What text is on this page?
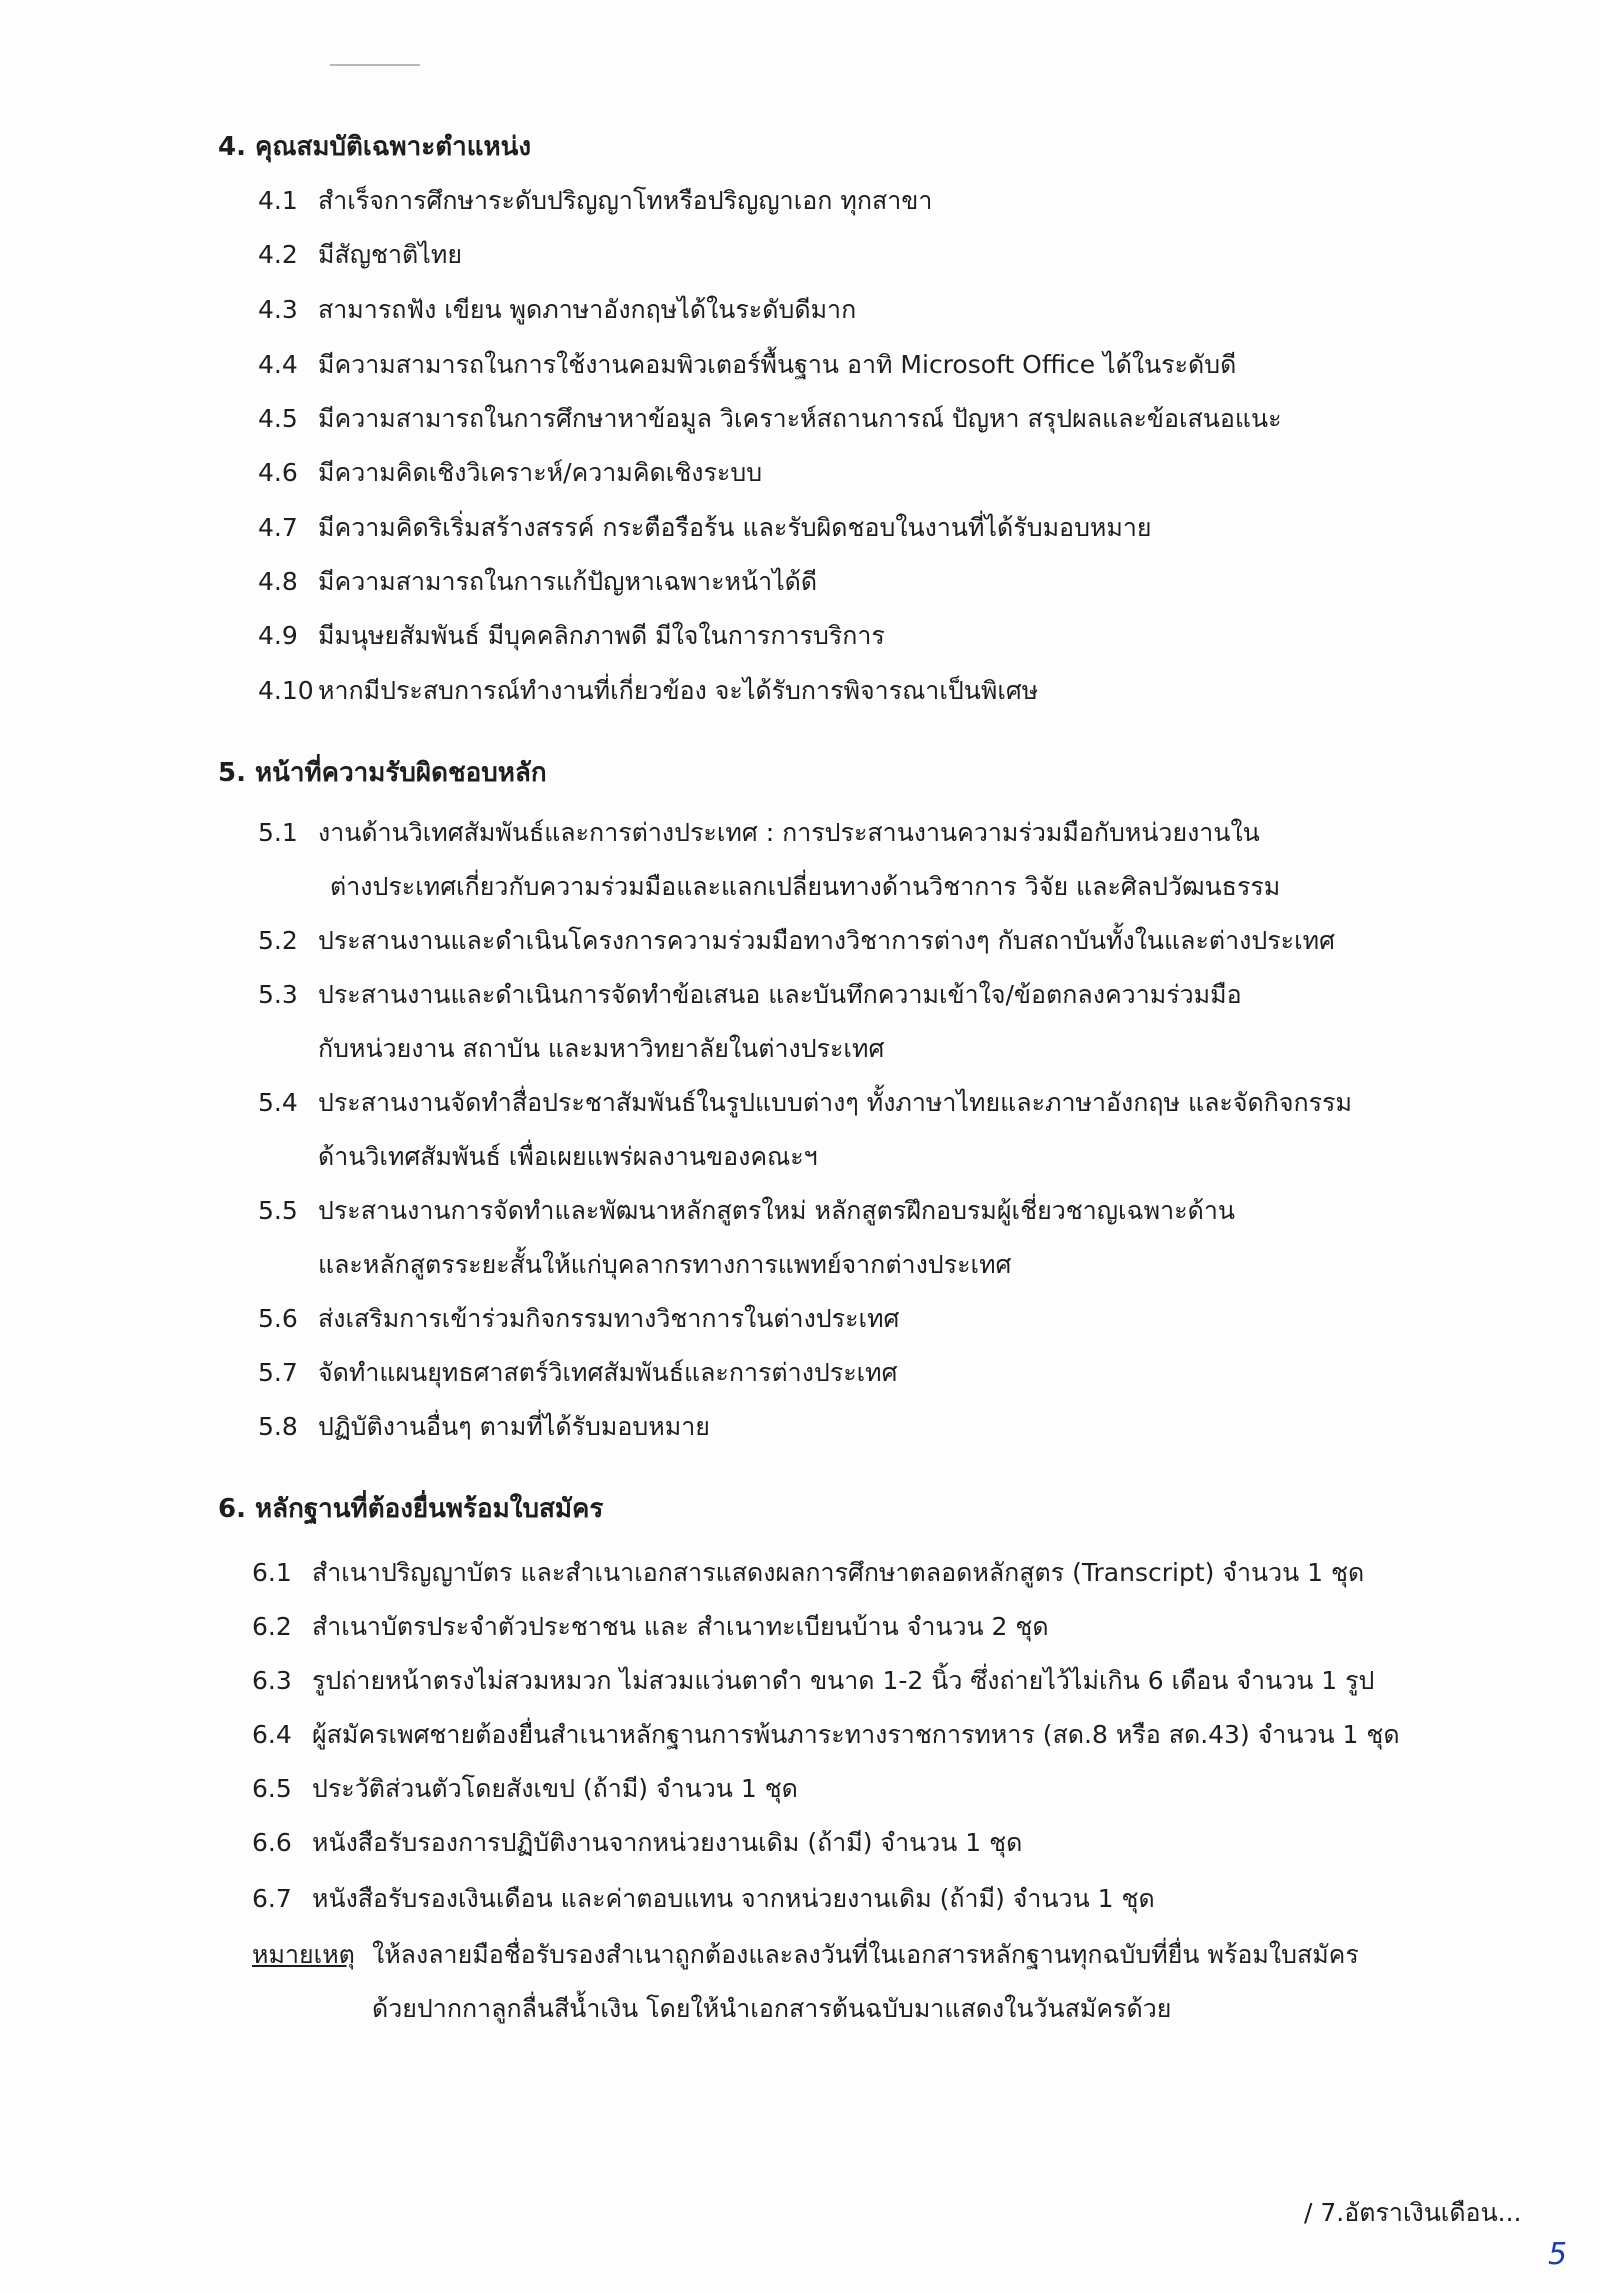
4. คุณสมบัติเฉพาะตำแหน่ง
4.1 สำเร็จการศึกษาระดับปริญญาโทหรือปริญญาเอก ทุกสาขา
4.2 มีสัญชาติไทย
4.3 สามารถฟัง เขียน พูดภาษาอังกฤษได้ในระดับดีมาก
4.4 มีความสามารถในการใช้งานคอมพิวเตอร์พื้นฐาน อาทิ Microsoft Office ได้ในระดับดี
4.5 มีความสามารถในการศึกษาหาข้อมูล วิเคราะห์สถานการณ์ ปัญหา สรุปผลและข้อเสนอแนะ
4.6 มีความคิดเชิงวิเคราะห์/ความคิดเชิงระบบ
4.7 มีความคิดริเริ่มสร้างสรรค์ กระตือรือร้น และรับผิดชอบในงานที่ได้รับมอบหมาย
4.8 มีความสามารถในการแก้ปัญหาเฉพาะหน้าได้ดี
4.9 มีมนุษยสัมพันธ์ มีบุคคลิกภาพดี มีใจในการการบริการ
4.10 หากมีประสบการณ์ทำงานที่เกี่ยวข้อง จะได้รับการพิจารณาเป็นพิเศษ
5. หน้าที่ความรับผิดชอบหลัก
5.1 งานด้านวิเทศสัมพันธ์และการต่างประเทศ : การประสานงานความร่วมมือกับหน่วยงานใน
ต่างประเทศเกี่ยวกับความร่วมมือและแลกเปลี่ยนทางด้านวิชาการ วิจัย และศิลปวัฒนธรรม
5.2 ประสานงานและดำเนินโครงการความร่วมมือทางวิชาการต่างๆ กับสถาบันทั้งในและต่างประเทศ
5.3 ประสานงานและดำเนินการจัดทำข้อเสนอ และบันทึกความเข้าใจ/ข้อตกลงความร่วมมือ
กับหน่วยงาน สถาบัน และมหาวิทยาลัยในต่างประเทศ
5.4 ประสานงานจัดทำสื่อประชาสัมพันธ์ในรูปแบบต่างๆ ทั้งภาษาไทยและภาษาอังกฤษ และจัดกิจกรรม
ด้านวิเทศสัมพันธ์ เพื่อเผยแพร่ผลงานของคณะฯ
5.5 ประสานงานการจัดทำและพัฒนาหลักสูตรใหม่ หลักสูตรฝึกอบรมผู้เชี่ยวชาญเฉพาะด้าน
และหลักสูตรระยะสั้นให้แก่บุคลากรทางการแพทย์จากต่างประเทศ
5.6 ส่งเสริมการเข้าร่วมกิจกรรมทางวิชาการในต่างประเทศ
5.7 จัดทำแผนยุทธศาสตร์วิเทศสัมพันธ์และการต่างประเทศ
5.8 ปฏิบัติงานอื่นๆ ตามที่ได้รับมอบหมาย
6. หลักฐานที่ต้องยื่นพร้อมใบสมัคร
6.1 สำเนาปริญญาบัตร และสำเนาเอกสารแสดงผลการศึกษาตลอดหลักสูตร (Transcript) จำนวน 1 ชุด
6.2 สำเนาบัตรประจำตัวประชาชน และ สำเนาทะเบียนบ้าน จำนวน 2 ชุด
6.3 รูปถ่ายหน้าตรงไม่สวมหมวก ไม่สวมแว่นตาดำ ขนาด 1-2 นิ้ว ซึ่งถ่ายไว้ไม่เกิน 6 เดือน จำนวน 1 รูป
6.4 ผู้สมัครเพศชายต้องยื่นสำเนาหลักฐานการพ้นภาระทางราชการทหาร (สด.8 หรือ สด.43) จำนวน 1 ชุด
6.5 ประวัติส่วนตัวโดยสังเขป (ถ้ามี) จำนวน 1 ชุด
6.6 หนังสือรับรองการปฏิบัติงานจากหน่วยงานเดิม (ถ้ามี) จำนวน 1 ชุด
6.7 หนังสือรับรองเงินเดือน และค่าตอบแทน จากหน่วยงานเดิม (ถ้ามี) จำนวน 1 ชุด
หมายเหตุ ให้ลงลายมือชื่อรับรองสำเนาถูกต้องและลงวันที่ในเอกสารหลักฐานทุกฉบับที่ยื่น พร้อมใบสมัคร
ด้วยปากกาลูกลื่นสีน้ำเงิน โดยให้นำเอกสารต้นฉบับมาแสดงในวันสมัครด้วย
/ 7.อัตราเงินเดือน...
5
